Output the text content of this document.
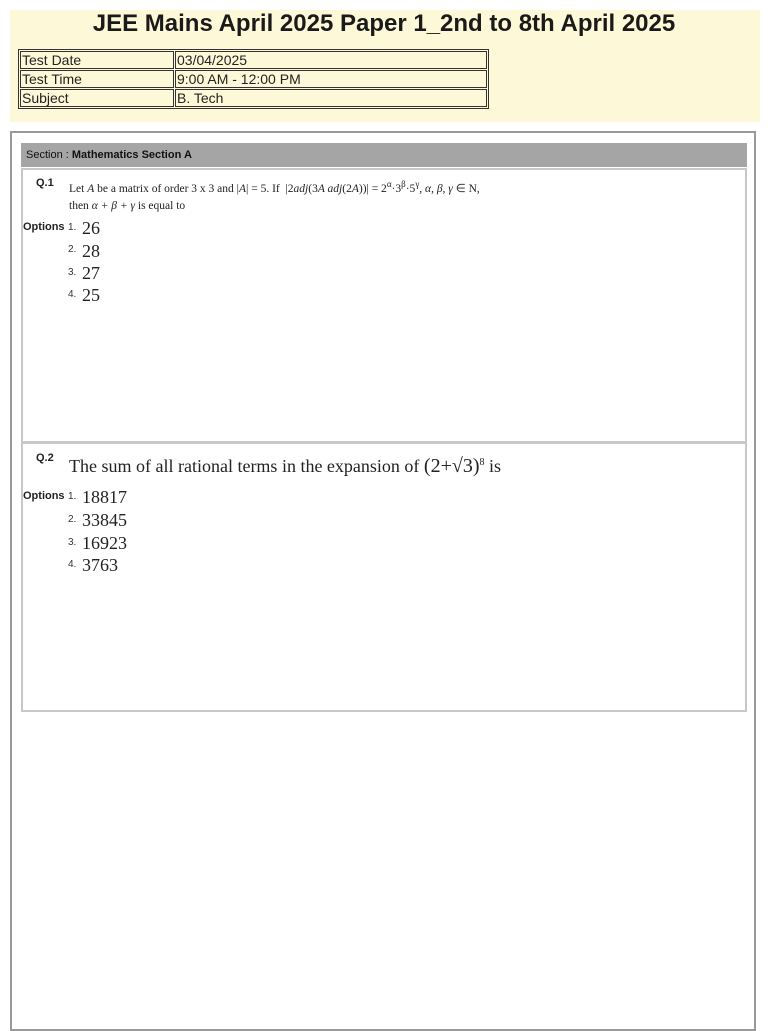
JEE Mains April 2025 Paper 1_2nd to 8th April 2025
Test Date	03/04/2025
Test Time	9:00 AM - 12:00 PM
Subject	B. Tech
Section : Mathematics Section A
Q.1 Let A be a matrix of order 3 x 3 and |A| = 5. If  |2adj(3A $adj(2A))| = 2^\alpha\cdot 3^\beta\cdot 5^\gamma$, α, β, γ ∈ N,
then α + β + γ is equal to
Options 1. 26
2. 28
3. 27
4. 25
Q.2 The sum of all rational terms in the expansion of $(2+√3)^8$ is
Options 1. 18817
2. 33845
3. 16923
4. 3763
